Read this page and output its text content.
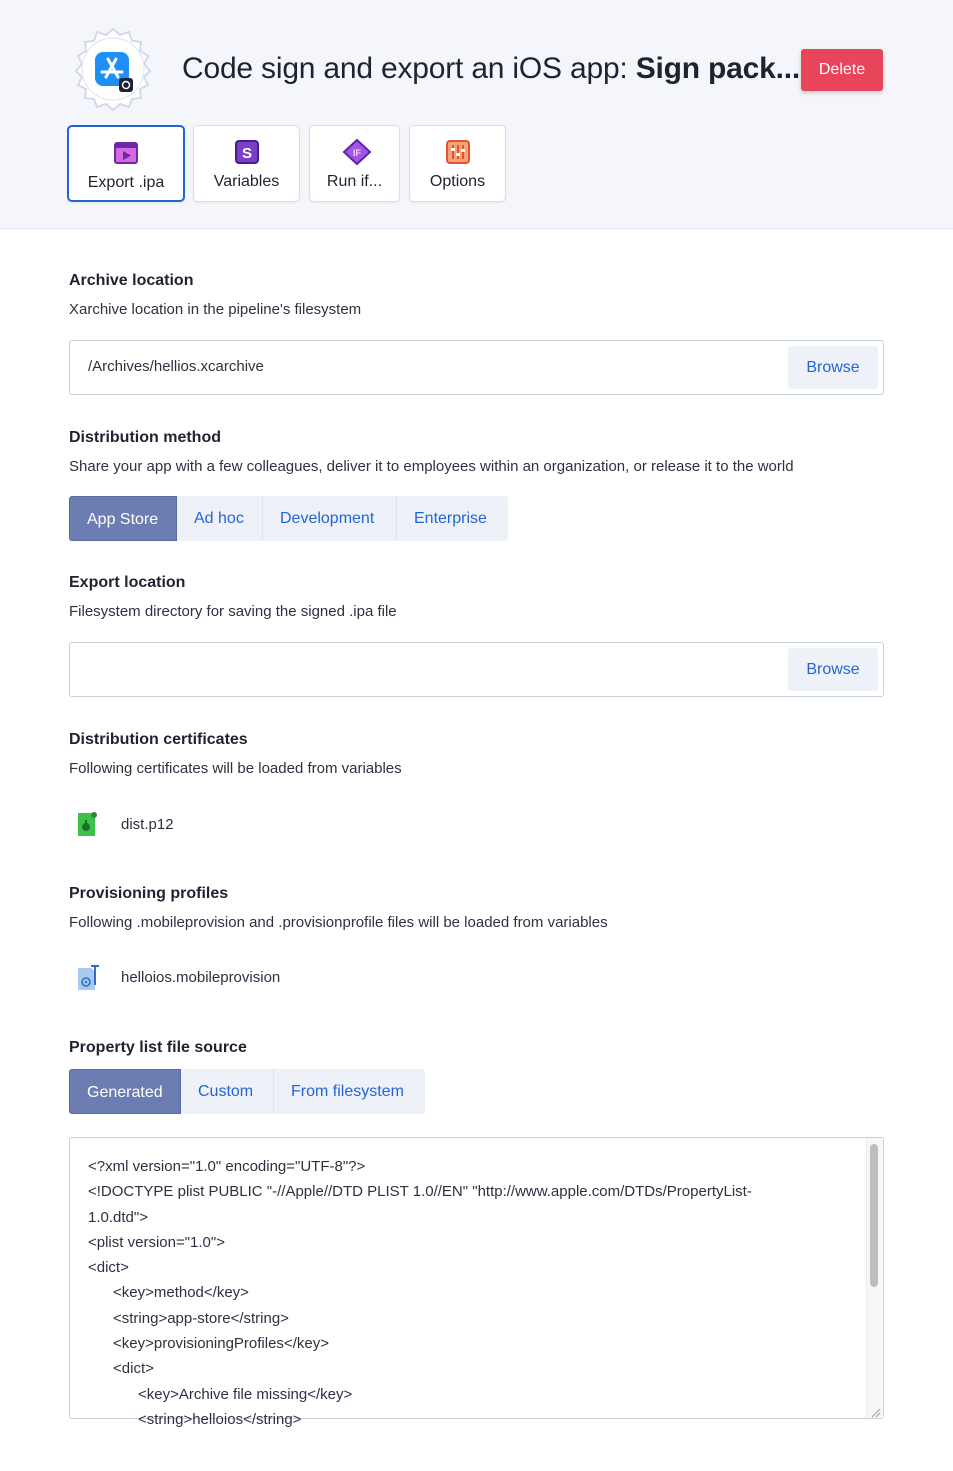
Code sign and export an iOS app: Sign pack...	Delete
Export .ipa
S
Variables
IF
Run if...	Options
Archive location
Xarchive location in the pipeline's filesystem
/Archives/hellios.xcarchive	Browse
Distribution method
Share your app with a few colleagues, deliver it to employees within an organization, or release it to the world
App Store	Ad hoc	Development	Enterprise
Export location
Filesystem directory for saving the signed .ipa file
Browse
Distribution certificates
Following certificates will be loaded from variables
dist.p12
Provisioning profiles
Following .mobileprovision and .provisionprofile files will be loaded from variables
helloios.mobileprovision
Property list file source
Generated	Custom	From filesystem
<?xml version="1.0" encoding="UTF-8"?>
<!DOCTYPE plist PUBLIC "-//Apple//DTD PLIST 1.0//EN" "http://www.apple.com/DTDs/PropertyList-
1.0.dtd">
<plist version="1.0">
<dict>
<key>method</key>
<string>app-store</string>
<key>provisioningProfiles</key>
<dict>
<key>Archive file missing</key>
<string>helloios</string>
